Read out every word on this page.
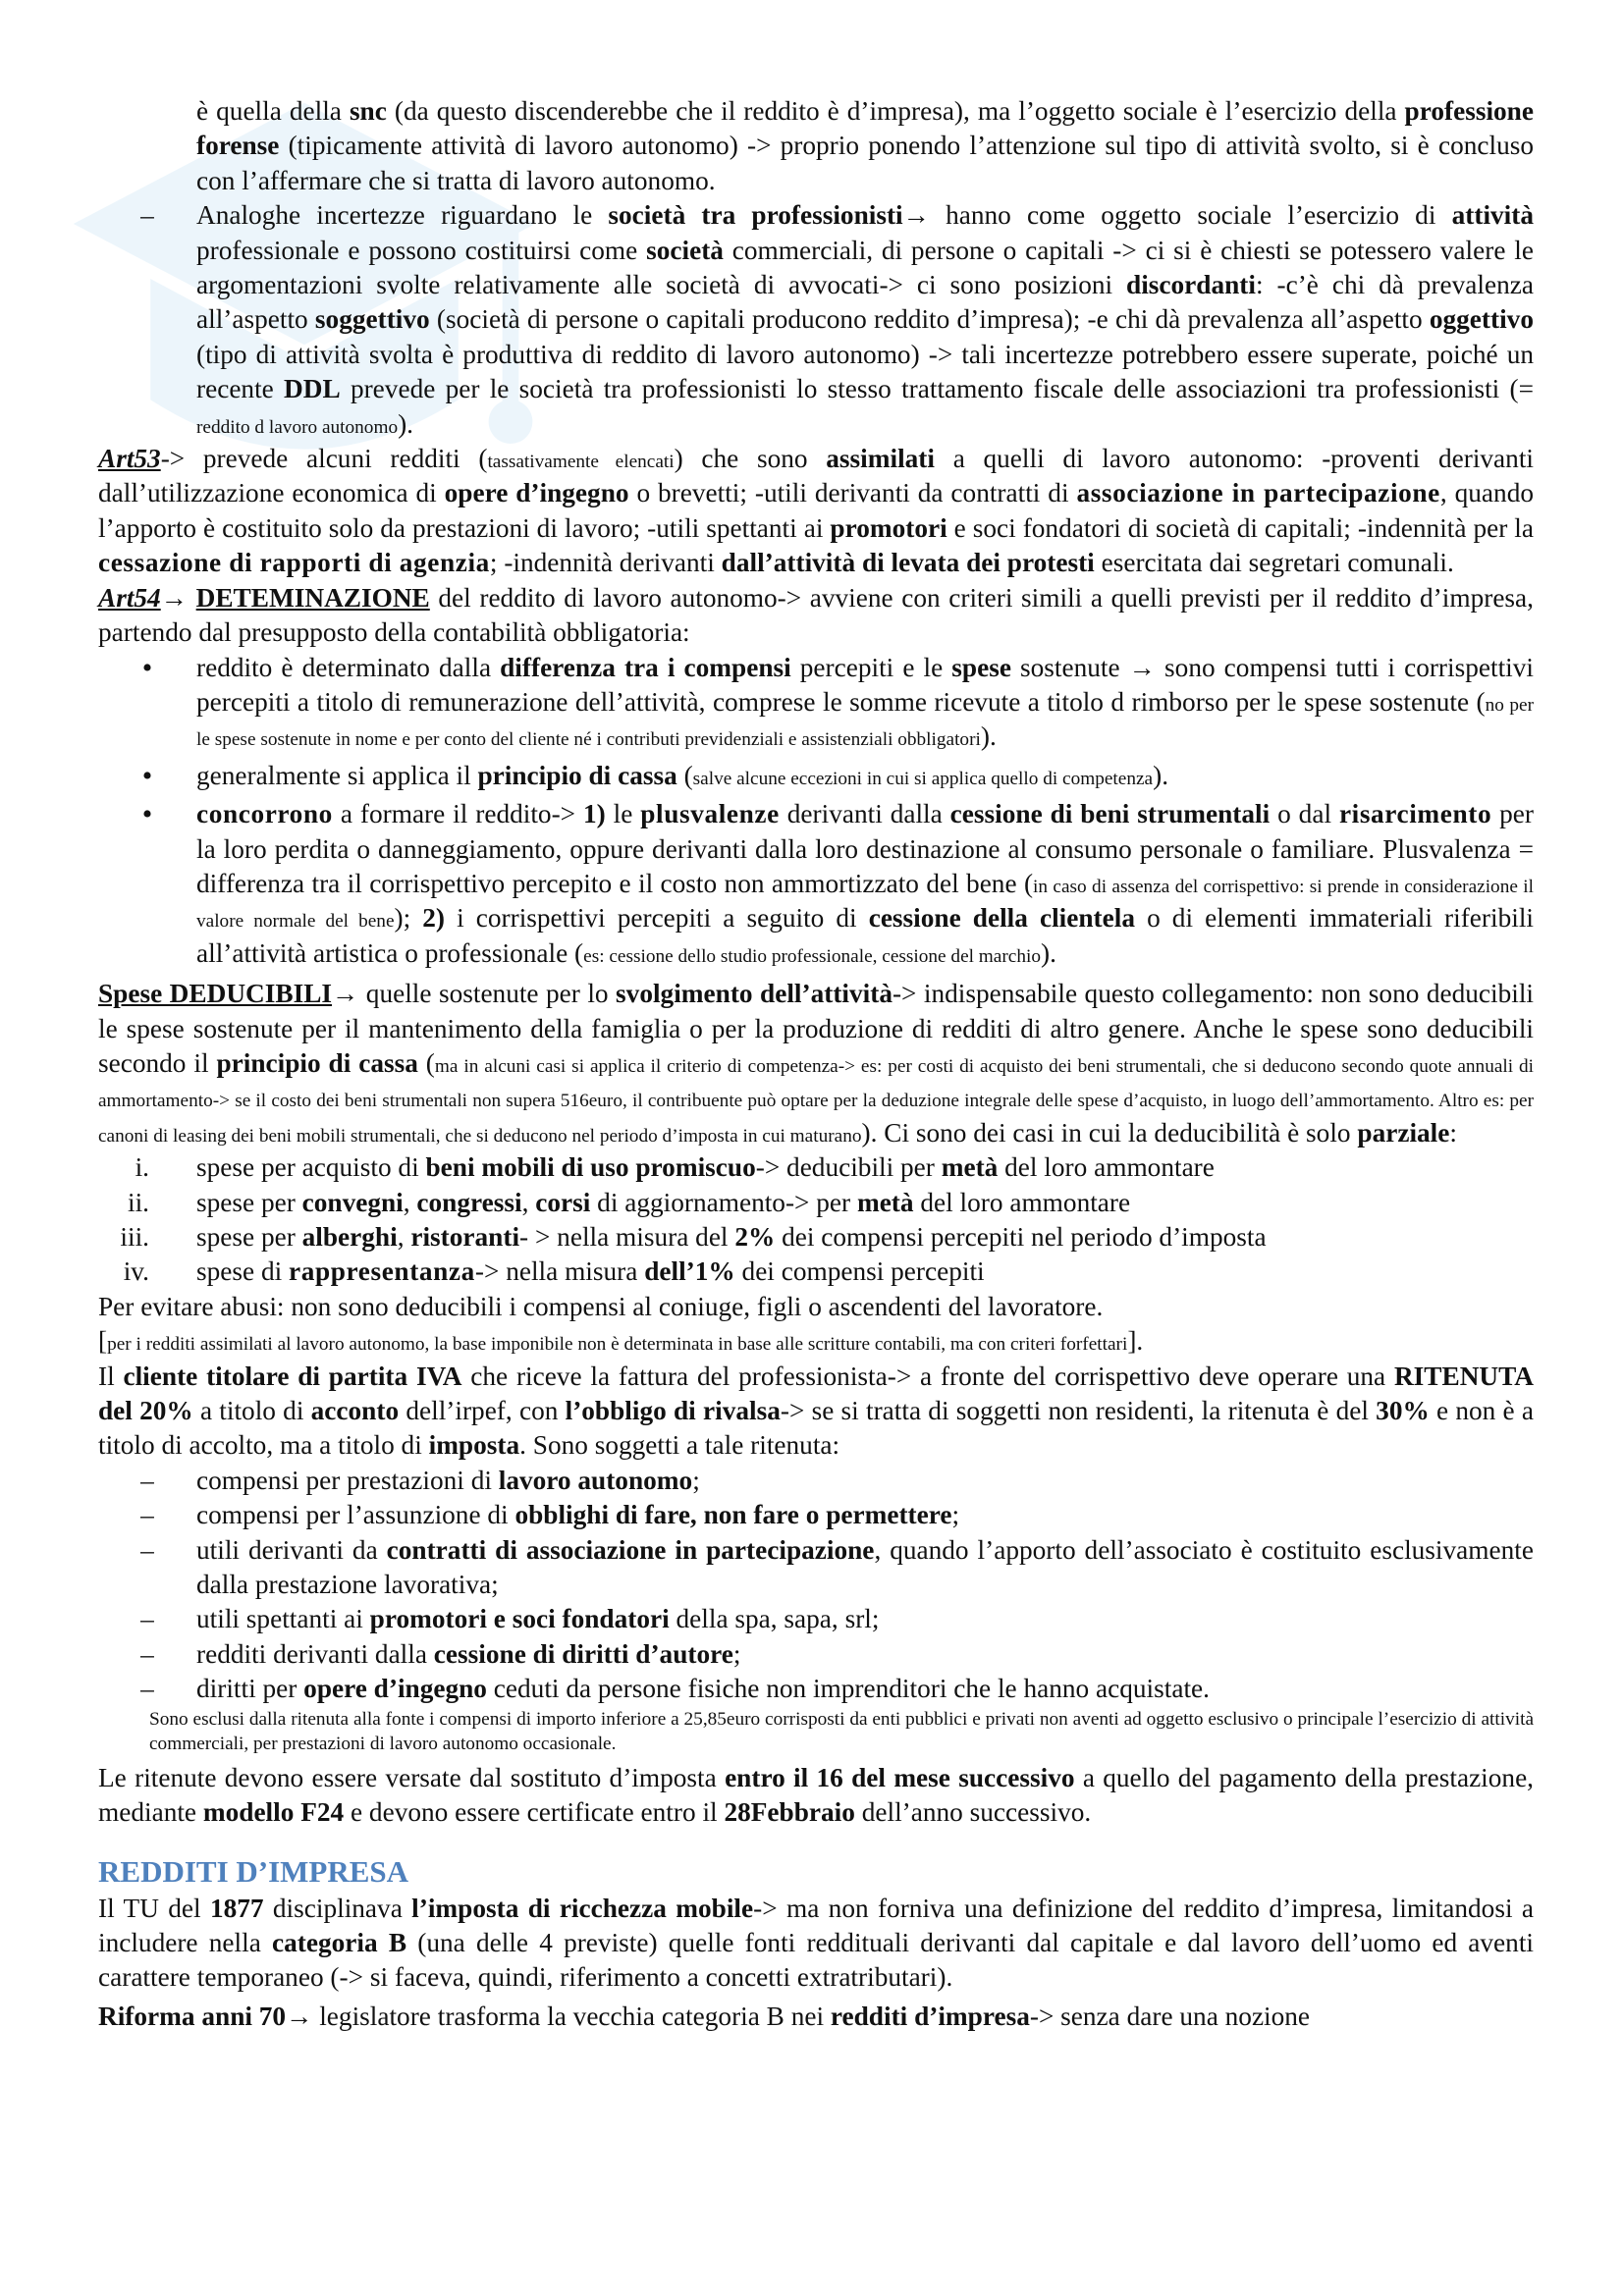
è quella della snc (da questo discenderebbe che il reddito è d’impresa), ma l’oggetto sociale è l’esercizio della professione forense (tipicamente attività di lavoro autonomo) -> proprio ponendo l’attenzione sul tipo di attività svolto, si è concluso con l’affermare che si tratta di lavoro autonomo.

–	Analoghe incertezze riguardano le società tra professionisti→ hanno come oggetto sociale l’esercizio di attività professionale e possono costituirsi come società commerciali, di persone o capitali -> ci si è chiesti se potessero valere le argomentazioni svolte relativamente alle società di avvocati-> ci sono posizioni discordanti: -c’è chi dà prevalenza all’aspetto soggettivo (società di persone o capitali producono reddito d’impresa); -e chi dà prevalenza all’aspetto oggettivo (tipo di attività svolta è produttiva di reddito di lavoro autonomo) -> tali incertezze potrebbero essere superate, poiché un recente DDL prevede per le società tra professionisti lo stesso trattamento fiscale delle associazioni tra professionisti (= reddito d lavoro autonomo).

Art53-> prevede alcuni redditi (tassativamente elencati) che sono assimilati a quelli di lavoro autonomo: -proventi derivanti dall’utilizzazione economica di opere d’ingegno o brevetti; -utili derivanti da contratti di associazione in partecipazione, quando l’apporto è costituito solo da prestazioni di lavoro; -utili spettanti ai promotori e soci fondatori di società di capitali; -indennità per la cessazione di rapporti di agenzia; -indennità derivanti dall’attività di levata dei protesti esercitata dai segretari comunali.

Art54→ DETEMINAZIONE del reddito di lavoro autonomo-> avviene con criteri simili a quelli previsti per il reddito d’impresa, partendo dal presupposto della contabilità obbligatoria:

•	reddito è determinato dalla differenza tra i compensi percepiti e le spese sostenute → sono compensi tutti i corrispettivi percepiti a titolo di remunerazione dell’attività, comprese le somme ricevute a titolo d rimborso per le spese sostenute (no per le spese sostenute in nome e per conto del cliente né i contributi previdenziali e assistenziali obbligatori).
•	generalmente si applica il principio di cassa (salve alcune eccezioni in cui si applica quello di competenza).
•	concorrono a formare il reddito-> 1) le plusvalenze derivanti dalla cessione di beni strumentali o dal risarcimento per la loro perdita o danneggiamento, oppure derivanti dalla loro destinazione al consumo personale o familiare. Plusvalenza = differenza tra il corrispettivo percepito e il costo non ammortizzato del bene (in caso di assenza del corrispettivo: si prende in considerazione il valore normale del bene); 2) i corrispettivi percepiti a seguito di cessione della clientela o di elementi immateriali riferibili all’attività artistica o professionale (es: cessione dello studio professionale, cessione del marchio).

Spese DEDUCIBILI→ quelle sostenute per lo svolgimento dell’attività-> indispensabile questo collegamento: non sono deducibili le spese sostenute per il mantenimento della famiglia o per la produzione di redditi di altro genere. Anche le spese sono deducibili secondo il principio di cassa (ma in alcuni casi si applica il criterio di competenza-> es: per costi di acquisto dei beni strumentali, che si deducono secondo quote annuali di ammortamento-> se il costo dei beni strumentali non supera 516euro, il contribuente può optare per la deduzione integrale delle spese d’acquisto, in luogo dell’ammortamento. Altro es: per canoni di leasing dei beni mobili strumentali, che si deducono nel periodo d’imposta in cui maturano). Ci sono dei casi in cui la deducibilità è solo parziale:

i. spese per acquisto di beni mobili di uso promiscuo-> deducibili per metà del loro ammontare
ii. spese per convegni, congressi, corsi di aggiornamento-> per metà del loro ammontare
iii. spese per alberghi, ristoranti- > nella misura del 2% dei compensi percepiti nel periodo d’imposta
iv. spese di rappresentanza-> nella misura dell’1% dei compensi percepiti

Per evitare abusi: non sono deducibili i compensi al coniuge, figli o ascendenti del lavoratore.

[per i redditi assimilati al lavoro autonomo, la base imponibile non è determinata in base alle scritture contabili, ma con criteri forfettari].

Il cliente titolare di partita IVA che riceve la fattura del professionista-> a fronte del corrispettivo deve operare una RITENUTA del 20% a titolo di acconto dell’irpef, con l’obbligo di rivalsa-> se si tratta di soggetti non residenti, la ritenuta è del 30% e non è a titolo di accolto, ma a titolo di imposta. Sono soggetti a tale ritenuta:

–	compensi per prestazioni di lavoro autonomo;
–	compensi per l’assunzione di obblighi di fare, non fare o permettere;
–	utili derivanti da contratti di associazione in partecipazione, quando l’apporto dell’associato è costituito esclusivamente dalla prestazione lavorativa;
–	utili spettanti ai promotori e soci fondatori della spa, sapa, srl;
–	redditi derivanti dalla cessione di diritti d’autore;
–	diritti per opere d’ingegno ceduti da persone fisiche non imprenditori che le hanno acquistate.

Sono esclusi dalla ritenuta alla fonte i compensi di importo inferiore a 25,85euro corrisposti da enti pubblici e privati non aventi ad oggetto esclusivo o principale l’esercizio di attività commerciali, per prestazioni di lavoro autonomo occasionale.

Le ritenute devono essere versate dal sostituto d’imposta entro il 16 del mese successivo a quello del pagamento della prestazione, mediante modello F24 e devono essere certificate entro il 28Febbraio dell’anno successivo.

REDDITI D’IMPRESA

Il TU del 1877 disciplinava l’imposta di ricchezza mobile-> ma non forniva una definizione del reddito d’impresa, limitandosi a includere nella categoria B (una delle 4 previste) quelle fonti reddituali derivanti dal capitale e dal lavoro dell’uomo ed aventi carattere temporaneo (-> si faceva, quindi, riferimento a concetti extratributari).

Riforma anni 70→ legislatore trasforma la vecchia categoria B nei redditi d’impresa-> senza dare una nozione
